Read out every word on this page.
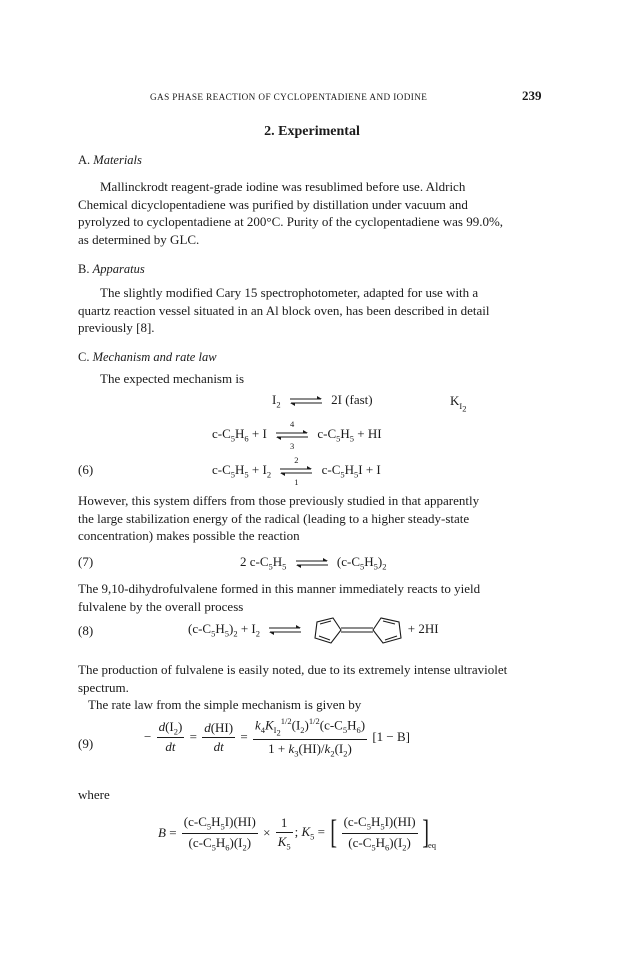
GAS PHASE REACTION OF CYCLOPENTADIENE AND IODINE	239
2. Experimental
A. Materials
Mallinckrodt reagent-grade iodine was resublimed before use. Aldrich
Chemical dicyclopentadiene was purified by distillation under vacuum and
pyrolyzed to cyclopentadiene at 200°C. Purity of the cyclopentadiene was 99.0%,
as determined by GLC.
B. Apparatus
The slightly modified Cary 15 spectrophotometer, adapted for use with a
quartz reaction vessel situated in an Al block oven, has been described in detail
previously [8].
C. Mechanism and rate law
The expected mechanism is
$I_2$ ⇌ 2I (fast)	$K_{I_2}$
$c-C_5H_6 + I$
4
3
$c-C_5H_5$ + HI
(6)	$c-C_5H_5 + I_2$
2
1
$c-C_5H_5I + I$
However, this system differs from those previously studied in that apparently
the large stabilization energy of the radical (leading to a higher steady-state
concentration) makes possible the reaction
(7)	2 $c-C_5H_5$ ⇌ $(c-C_5H_5)_2$
The 9,10-dihydrofulvalene formed in this manner immediately reacts to yield
fulvalene by the overall process
(8)	$(c-C_5H_5)_2 + I_2$ ⇌	+ 2HI
The production of fulvalene is easily noted, due to its extremely intense ultraviolet
spectrum.
The rate law from the simple mechanism is given by
(9)	− $\frac{d(I_2)}{dt} = \frac{d(HI)}{dt} = \frac{k_4K_{I_2}^{1/2}(I_2)^{1/2}(c-C_5H_6)}{1 + k_3(HI)/k_2(I_2)}$
[1 − B]
where
$B = \frac{(c-C_5H_5I)(HI)}{(c-C_5H_6)(I_2)} \times \frac{1}{K_5}$ ; $K_5$ = [ $\frac{(c-C_5H_5I)(HI)}{(c-C_5H_6)(I_2)} ]_{eq}$
